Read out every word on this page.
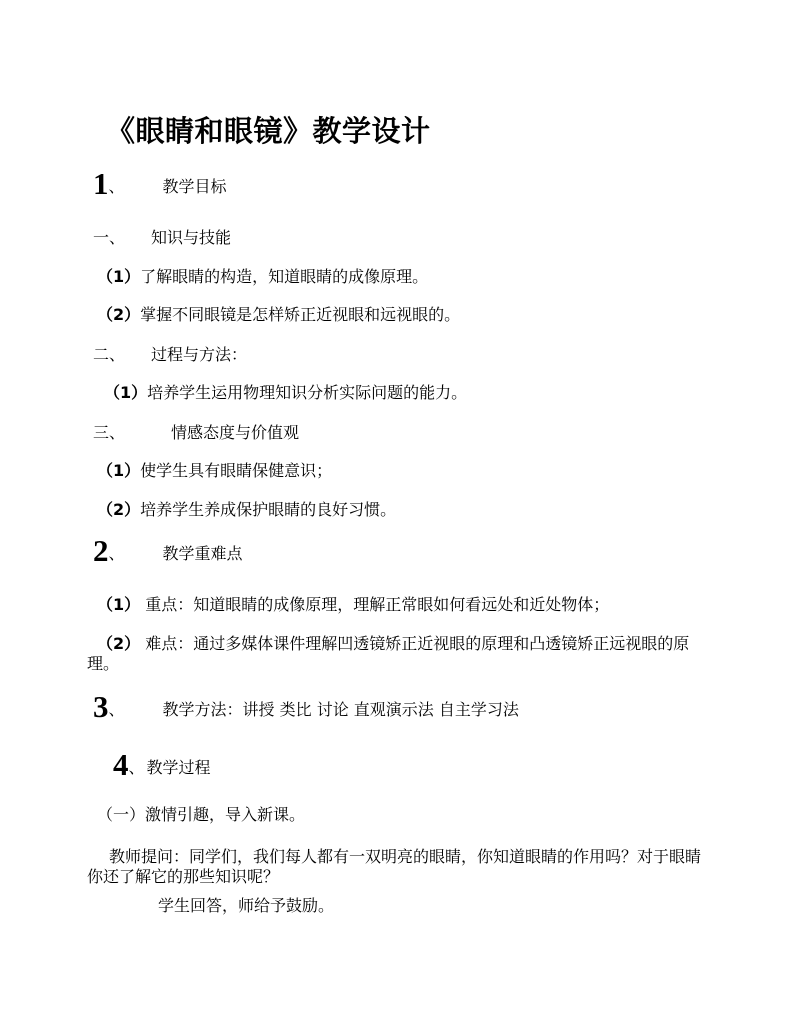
《眼睛和眼镜》教学设计
1、 教学目标
一、 知识与技能
（1）了解眼睛的构造，知道眼睛的成像原理。
（2）掌握不同眼镜是怎样矫正近视眼和远视眼的。
二、 过程与方法：
（1）培养学生运用物理知识分析实际问题的能力。
三、	情感态度与价值观
（1）使学生具有眼睛保健意识；
（2）培养学生养成保护眼睛的良好习惯。
2、 教学重难点
（1） 重点：知道眼睛的成像原理，理解正常眼如何看远处和近处物体；
（2） 难点：通过多媒体课件理解凹透镜矫正近视眼的原理和凸透镜矫正远视眼的原理。
3、 教学方法：讲授 类比 讨论 直观演示法 自主学习法
4、 教学过程
（一）激情引趣，导入新课。
教师提问：同学们，我们每人都有一双明亮的眼睛，你知道眼睛的作用吗？对于眼睛你还了解它的那些知识呢？
学生回答，师给予鼓励。
